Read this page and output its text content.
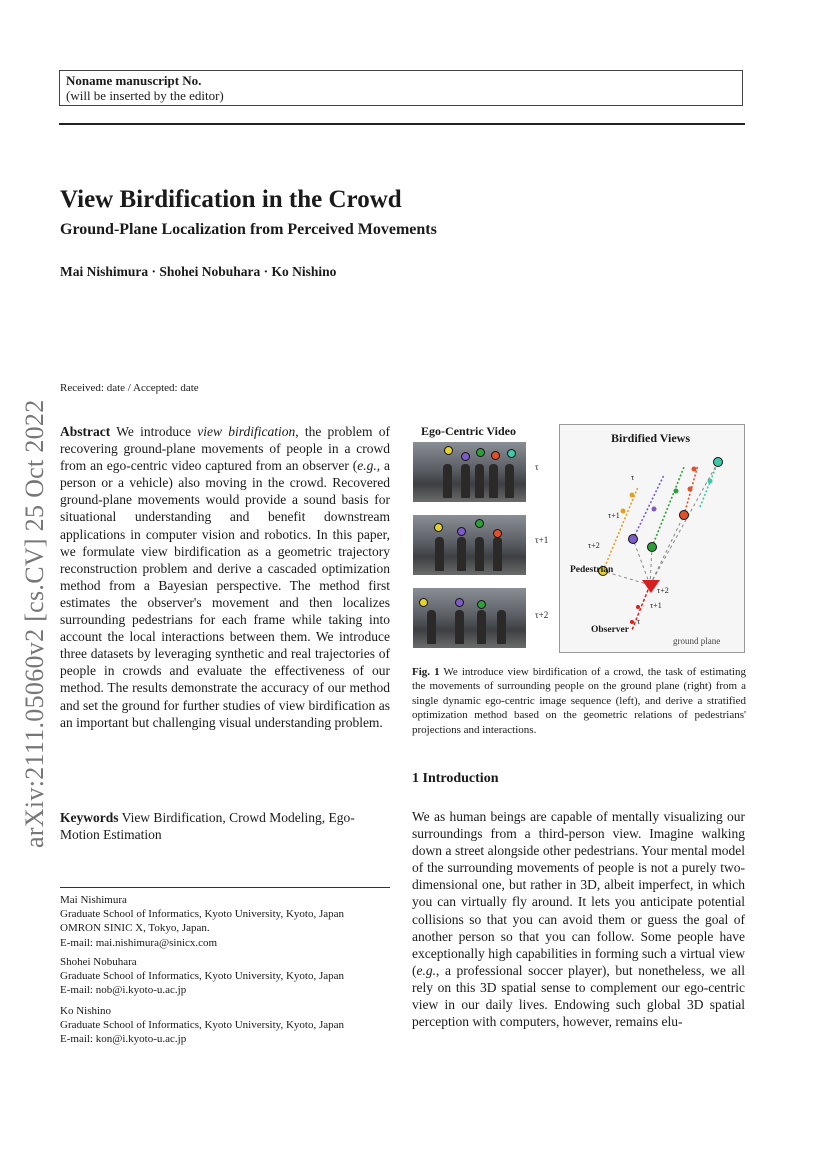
Noname manuscript No.
(will be inserted by the editor)
View Birdification in the Crowd
Ground-Plane Localization from Perceived Movements
Mai Nishimura · Shohei Nobuhara · Ko Nishino
arXiv:2111.05060v2 [cs.CV] 25 Oct 2022
Received: date / Accepted: date
Abstract We introduce view birdification, the problem of recovering ground-plane movements of people in a crowd from an ego-centric video captured from an observer (e.g., a person or a vehicle) also moving in the crowd. Recovered ground-plane movements would provide a sound basis for situational understanding and benefit downstream applications in computer vision and robotics. In this paper, we formulate view birdification as a geometric trajectory reconstruction problem and derive a cascaded optimization method from a Bayesian perspective. The method first estimates the observer's movement and then localizes surrounding pedestrians for each frame while taking into account the local interactions between them. We introduce three datasets by leveraging synthetic and real trajectories of people in crowds and evaluate the effectiveness of our method. The results demonstrate the accuracy of our method and set the ground for further studies of view birdification as an important but challenging visual understanding problem.
Keywords View Birdification, Crowd Modeling, Ego-Motion Estimation
Mai Nishimura
Graduate School of Informatics, Kyoto University, Kyoto, Japan
OMRON SINIC X, Tokyo, Japan.
E-mail: mai.nishimura@sinicx.com
Shohei Nobuhara
Graduate School of Informatics, Kyoto University, Kyoto, Japan
E-mail: nob@i.kyoto-u.ac.jp
Ko Nishino
Graduate School of Informatics, Kyoto University, Kyoto, Japan
E-mail: kon@i.kyoto-u.ac.jp
Ego-Centric Video
τ
τ+1
τ+2
Birdified Views
τ
τ+1
τ+2
Pedestrian
τ+2
τ+1
τ
Observer
ground plane
Fig. 1 We introduce view birdification of a crowd, the task of estimating the movements of surrounding people on the ground plane (right) from a single dynamic ego-centric image sequence (left), and derive a stratified optimization method based on the geometric relations of pedestrians' projections and interactions.
1 Introduction
We as human beings are capable of mentally visualizing our surroundings from a third-person view. Imagine walking down a street alongside other pedestrians. Your mental model of the surrounding movements of people is not a purely two-dimensional one, but rather in 3D, albeit imperfect, in which you can virtually fly around. It lets you anticipate potential collisions so that you can avoid them or guess the goal of another person so that you can follow. Some people have exceptionally high capabilities in forming such a virtual view (e.g., a professional soccer player), but nonetheless, we all rely on this 3D spatial sense to complement our ego-centric view in our daily lives. Endowing such global 3D spatial perception with computers, however, remains elu-
